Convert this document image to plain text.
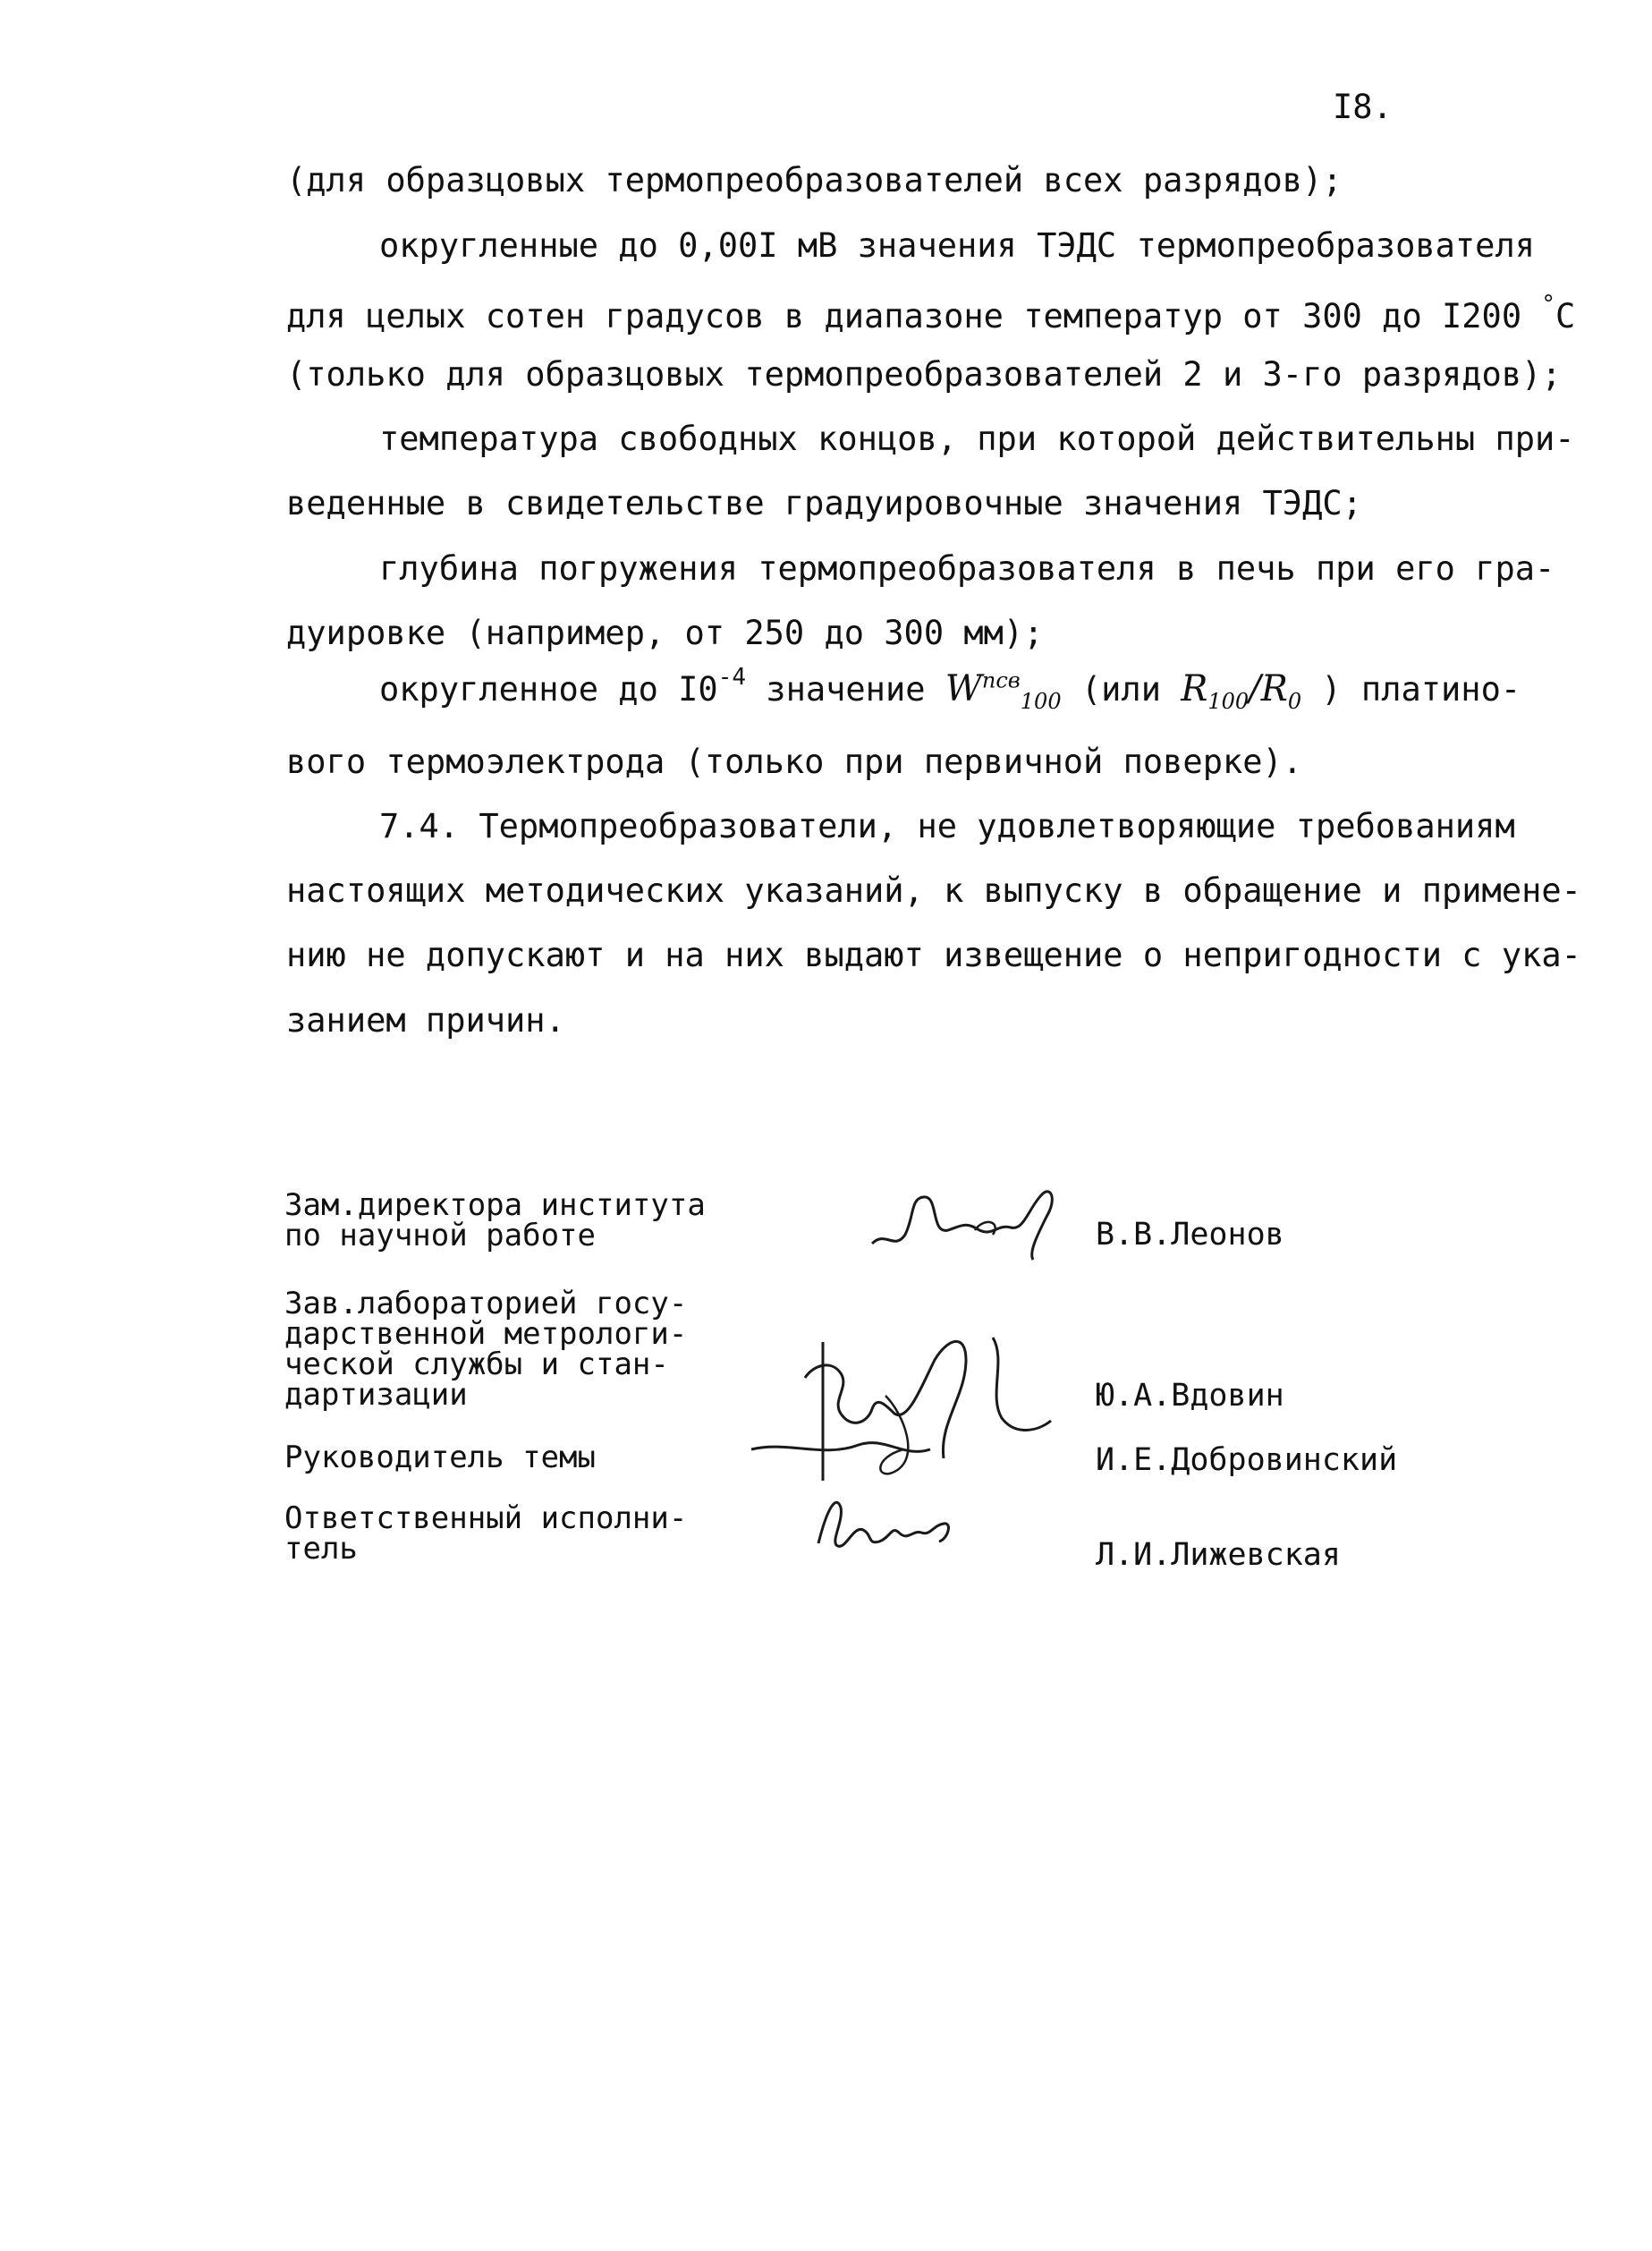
I8.
(для образцовых термопреобразователей всех разрядов);
округленные до 0,00I мВ значения ТЭДС термопреобразователя
для целых сотен градусов в диапазоне температур от 300 до I200 °С
(только для образцовых термопреобразователей 2 и 3-го разрядов);
температура свободных концов, при которой действительны при-
веденные в свидетельстве градуировочные значения ТЭДС;
глубина погружения термопреобразователя в печь при его гра-
дуировке (например, от 250 до 300 мм);
округленное до $I0^{-4}$ значение $W^{псв}_{100}$ (или $R_{100}/R_0$ ) платино-
вого термоэлектрода (только при первичной поверке).
7.4. Термопреобразователи, не удовлетворяющие требованиям
настоящих методических указаний, к выпуску в обращение и примене-
нию не допускают и на них выдают извещение о непригодности с ука-
занием причин.
Зам.директора института
по научной работе	В.В.Леонов
Зав.лабораторией госу-
дарственной метрологи-
ческой службы и стан-
дартизации	Ю.А.Вдовин
Руководитель темы	И.Е.Добровинский
Ответственный исполни-
тель	Л.И.Лижевская
